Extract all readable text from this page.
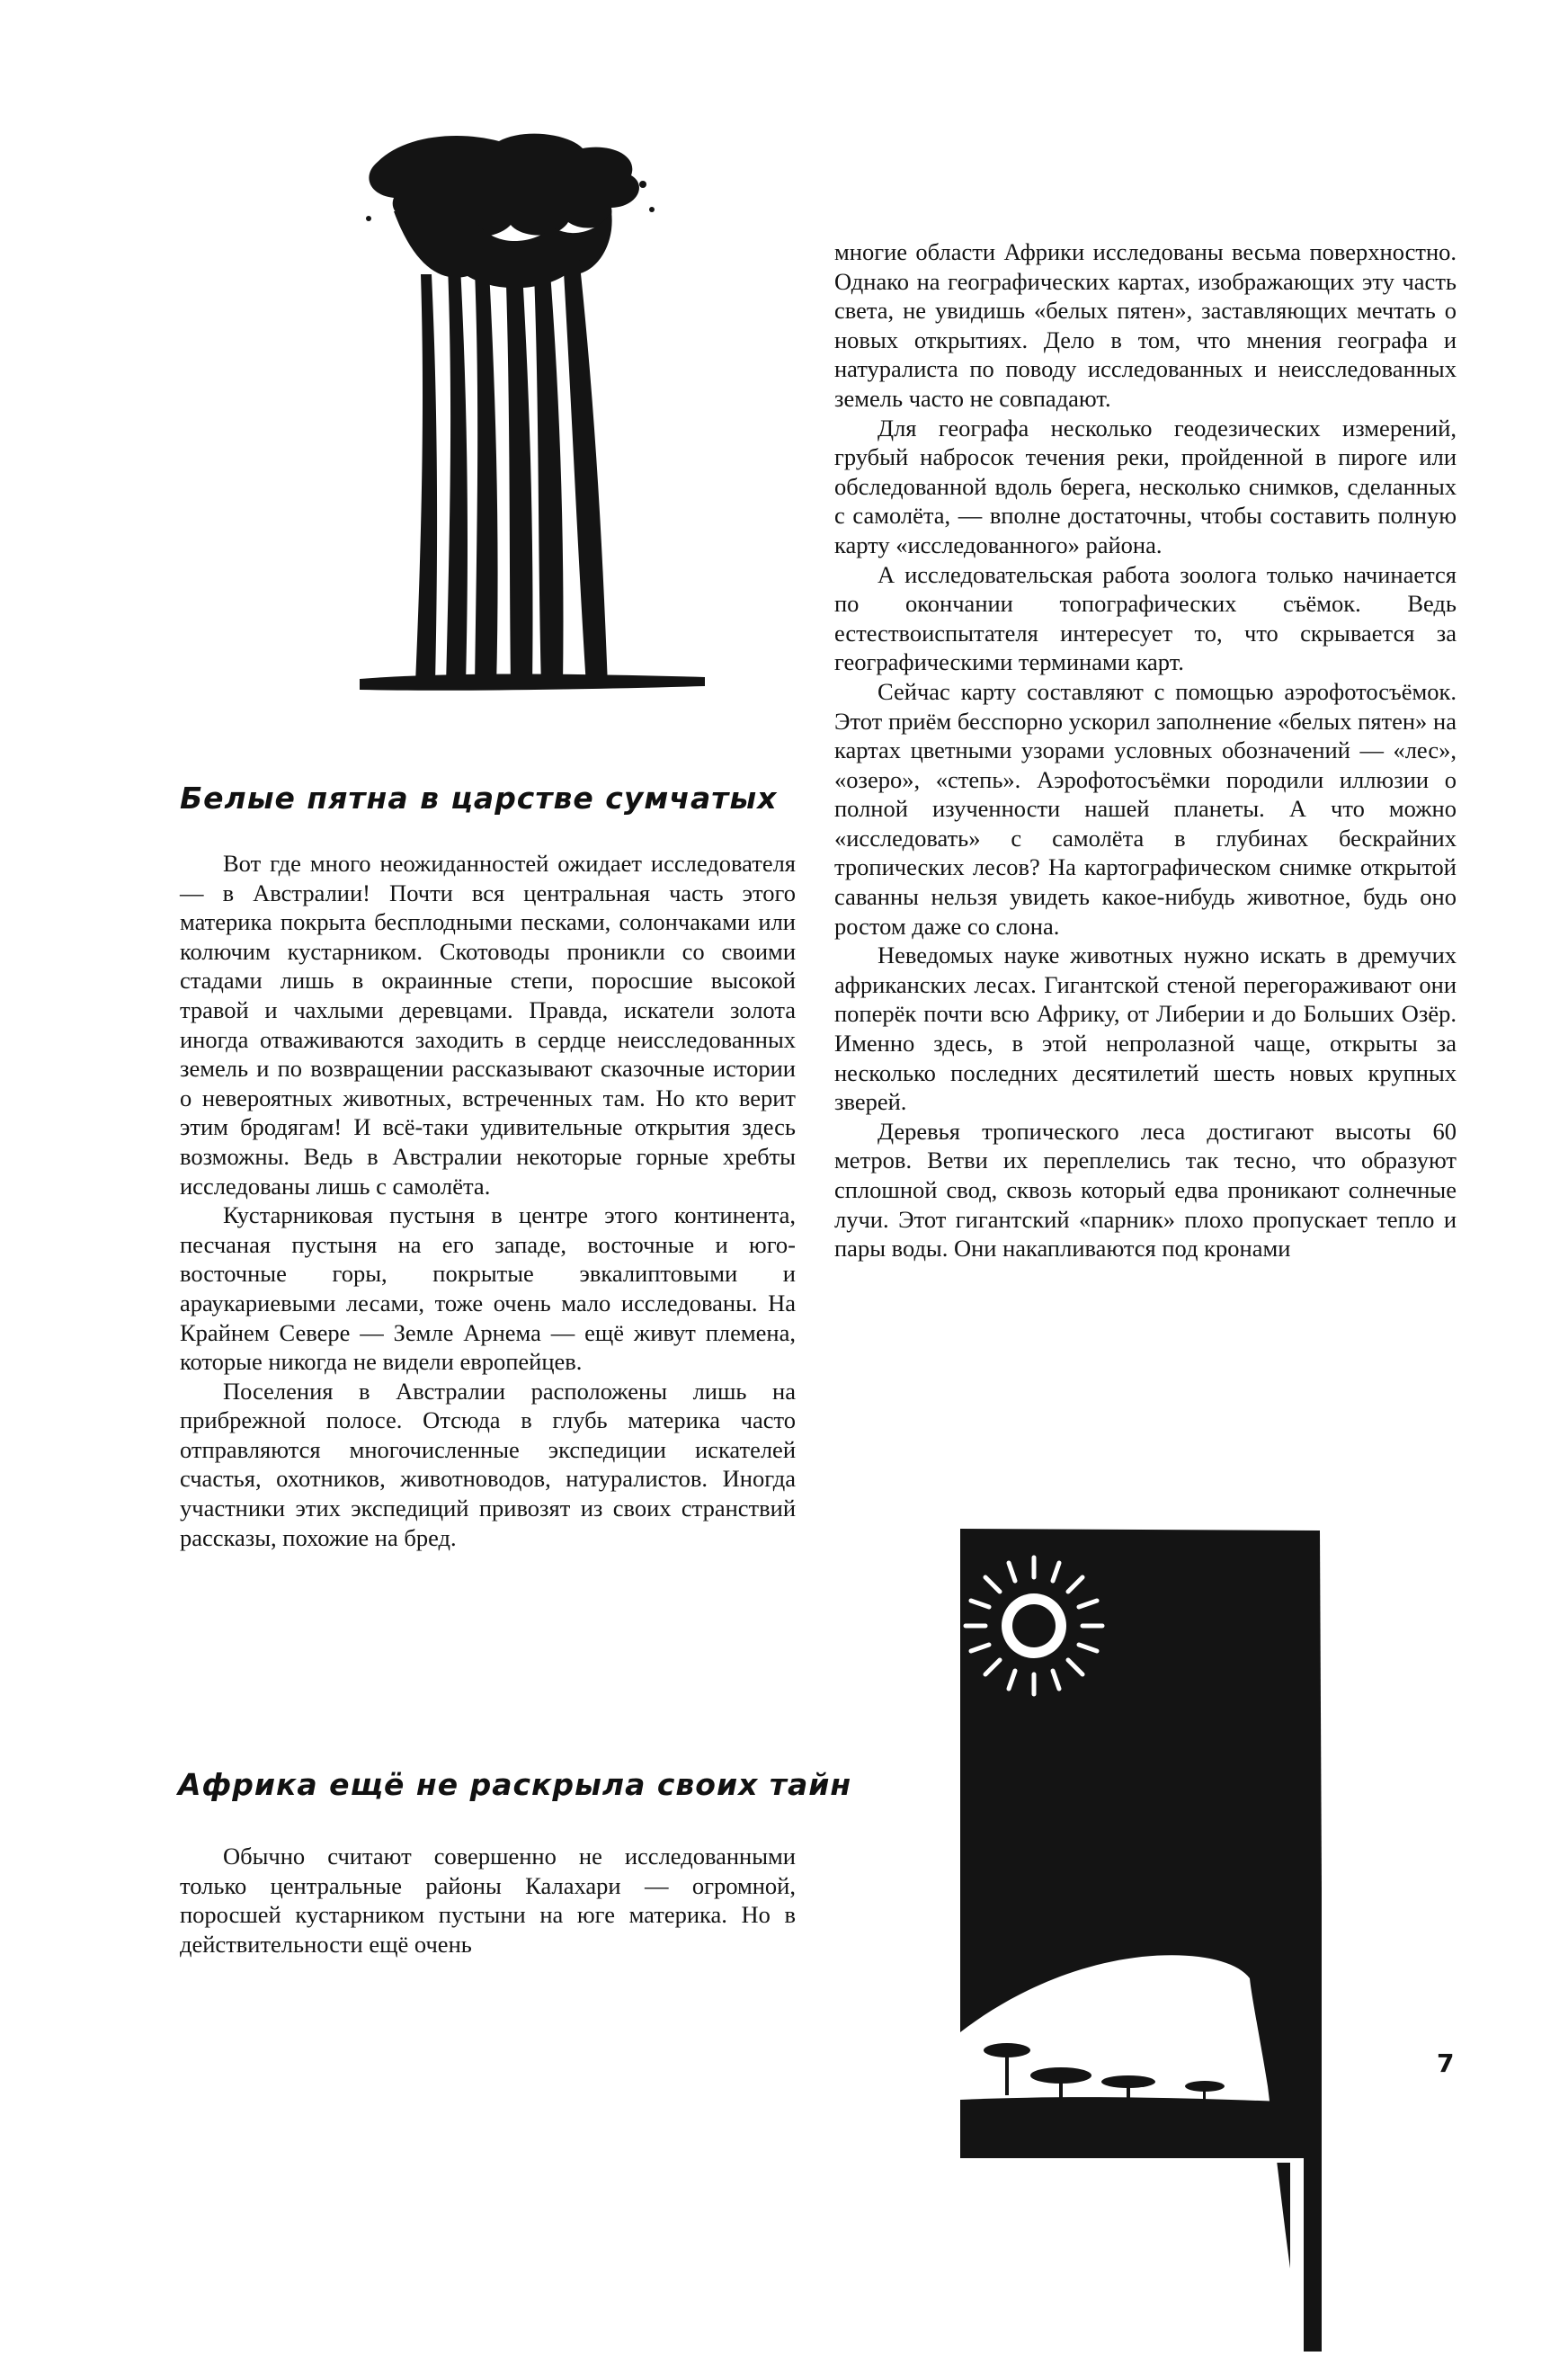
Белые пятна в царстве сумчатых

Вот где много неожиданностей ожидает исследователя — в Австралии! Почти вся центральная часть этого материка покрыта бесплодными песками, солончаками или колючим кустарником. Скотоводы проникли со своими стадами лишь в окраинные степи, поросшие высокой травой и чахлыми деревцами. Правда, искатели золота иногда отваживаются заходить в сердце неисследованных земель и по возвращении рассказывают сказочные истории о невероятных животных, встреченных там. Но кто верит этим бродягам! И всё-таки удивительные открытия здесь возможны. Ведь в Австралии некоторые горные хребты исследованы лишь с самолёта.

Кустарниковая пустыня в центре этого континента, песчаная пустыня на его западе, восточные и юго-восточные горы, покрытые эвкалиптовыми и араукариевыми лесами, тоже очень мало исследованы. На Крайнем Севере — Земле Арнема — ещё живут племена, которые никогда не видели европейцев.

Поселения в Австралии расположены лишь на прибрежной полосе. Отсюда в глубь материка часто отправляются многочисленные экспедиции искателей счастья, охотников, животноводов, натуралистов. Иногда участники этих экспедиций привозят из своих странствий рассказы, похожие на бред.

Африка ещё не раскрыла своих тайн

Обычно считают совершенно не исследованными только центральные районы Калахари — огромной, поросшей кустарником пустыни на юге материка. Но в действительности ещё очень

многие области Африки исследованы весьма поверхностно. Однако на географических картах, изображающих эту часть света, не увидишь «белых пятен», заставляющих мечтать о новых открытиях. Дело в том, что мнения географа и натуралиста по поводу исследованных и неисследованных земель часто не совпадают.

Для географа несколько геодезических измерений, грубый набросок течения реки, пройденной в пироге или обследованной вдоль берега, несколько снимков, сделанных с самолёта, — вполне достаточны, чтобы составить полную карту «исследованного» района.

А исследовательская работа зоолога только начинается по окончании топографических съёмок. Ведь естествоиспытателя интересует то, что скрывается за географическими терминами карт.

Сейчас карту составляют с помощью аэрофотосъёмок. Этот приём бесспорно ускорил заполнение «белых пятен» на картах цветными узорами условных обозначений — «лес», «озеро», «степь». Аэрофотосъёмки породили иллюзии о полной изученности нашей планеты. А что можно «исследовать» с самолёта в глубинах бескрайних тропических лесов? На картографическом снимке открытой саванны нельзя увидеть какое-нибудь животное, будь оно ростом даже со слона.

Неведомых науке животных нужно искать в дремучих африканских лесах. Гигантской стеной перегораживают они поперёк почти всю Африку, от Либерии и до Больших Озёр. Именно здесь, в этой непролазной чаще, открыты за несколько последних десятилетий шесть новых крупных зверей.

Деревья тропического леса достигают высоты 60 метров. Ветви их переплелись так тесно, что образуют сплошной свод, сквозь который едва проникают солнечные лучи. Этот гигантский «парник» плохо пропускает тепло и пары воды. Они накапливаются под кронами

7
